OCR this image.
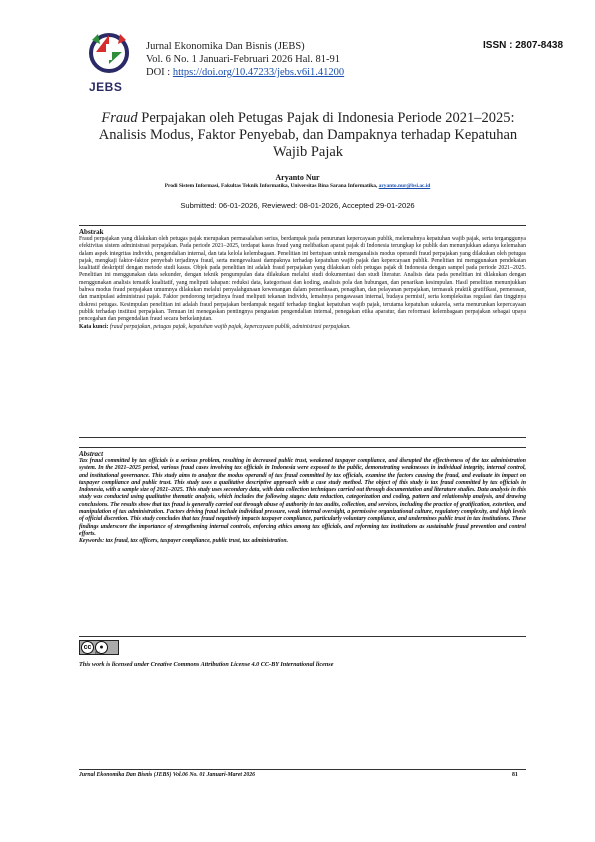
JEBS
Jurnal Ekonomika Dan Bisnis (JEBS)
Vol. 6 No. 1 Januari-Februari 2026 Hal. 81-91
DOI : https://doi.org/10.47233/jebs.v6i1.41200
ISSN : 2807-8438
Fraud Perpajakan oleh Petugas Pajak di Indonesia Periode 2021–2025: Analisis Modus, Faktor Penyebab, dan Dampaknya terhadap Kepatuhan Wajib Pajak
Aryanto Nur
Prodi Sistem Informasi, Fakultas Teknik Informatika, Universitas Bina Sarana Informatika, aryanto.nur@bsi.ac.id
Submitted: 06-01-2026, Reviewed: 08-01-2026, Accepted 29-01-2026
Abstrak
Fraud perpajakan yang dilakukan oleh petugas pajak merupakan permasalahan serius, berdampak pada penurunan kepercayaan publik, melemahnya kepatuhan wajib pajak, serta terganggunya efektivitas sistem administrasi perpajakan. Pada periode 2021–2025, terdapat kasus fraud yang melibatkan aparat pajak di Indonesia terungkap ke publik dan menunjukkan adanya kelemahan dalam aspek integritas individu, pengendalian internal, dan tata kelola kelembagaan. Penelitian ini bertujuan untuk menganalisis modus operandi fraud perpajakan yang dilakukan oleh petugas pajak, mengkaji faktor-faktor penyebab terjadinya fraud, serta mengevaluasi dampaknya terhadap kepatuhan wajib pajak dan kepercayaan publik. Penelitian ini menggunakan pendekatan kualitatif deskriptif dengan metode studi kasus. Objek pada penelitian ini adalah fraud perpajakan yang dilakukan oleh petugas pajak di Indonesia dengan sampel pada periode 2021–2025. Penelitian ini menggunakan data sekunder, dengan teknik pengumpulan data dilakukan melalui studi dokumentasi dan studi literatur. Analisis data pada penelitian ini dilakukan dengan menggunakan analisis tematik kualitatif, yang meliputi tahapan: reduksi data, kategorisasi dan koding, analisis pola dan hubungan, dan penarikan kesimpulan. Hasil penelitian menunjukkan bahwa modus fraud perpajakan umumnya dilakukan melalui penyalahgunaan kewenangan dalam pemeriksaan, penagihan, dan pelayanan perpajakan, termasuk praktik gratifikasi, pemerasan, dan manipulasi administrasi pajak. Faktor pendorong terjadinya fraud meliputi tekanan individu, lemahnya pengawasan internal, budaya permisif, serta kompleksitas regulasi dan tingginya diskresi petugas. Kesimpulan penelitian ini adalah fraud perpajakan berdampak negatif terhadap tingkat kepatuhan wajib pajak, terutama kepatuhan sukarela, serta menurunkan kepercayaan publik terhadap institusi perpajakan. Temuan ini menegaskan pentingnya penguatan pengendalian internal, penegakan etika aparatur, dan reformasi kelembagaan perpajakan sebagai upaya pencegahan dan pengendalian fraud secara berkelanjutan.
Kata kunci: fraud perpajakan, petugas pajak, kepatuhan wajib pajak, kepercayaan publik, administrasi perpajakan.
Abstract
Tax fraud committed by tax officials is a serious problem, resulting in decreased public trust, weakened taxpayer compliance, and disrupted the effectiveness of the tax administration system. In the 2021–2025 period, various fraud cases involving tax officials in Indonesia were exposed to the public, demonstrating weaknesses in individual integrity, internal control, and institutional governance. This study aims to analyze the modus operandi of tax fraud committed by tax officials, examine the factors causing the fraud, and evaluate its impact on taxpayer compliance and public trust. This study uses a qualitative descriptive approach with a case study method. The object of this study is tax fraud committed by tax officials in Indonesia, with a sample size of 2021–2025. This study uses secondary data, with data collection techniques carried out through documentation and literature studies. Data analysis in this study was conducted using qualitative thematic analysis, which includes the following stages: data reduction, categorization and coding, pattern and relationship analysis, and drawing conclusions. The results show that tax fraud is generally carried out through abuse of authority in tax audits, collection, and services, including the practice of gratification, extortion, and manipulation of tax administration. Factors driving fraud include individual pressure, weak internal oversight, a permissive organizational culture, regulatory complexity, and high levels of official discretion. This study concludes that tax fraud negatively impacts taxpayer compliance, particularly voluntary compliance, and undermines public trust in tax institutions. These findings underscore the importance of strengthening internal controls, enforcing ethics among tax officials, and reforming tax institutions as sustainable fraud prevention and control efforts.
Keywords: tax fraud, tax officers, taxpayer compliance, public trust, tax administration.
cc	●
BY
This work is licensed under Creative Commons Attribution License 4.0 CC-BY International license
Jurnal Ekonomika Dan Bisnis (JEBS) Vol.06 No. 01 Januari-Maret 2026	81
